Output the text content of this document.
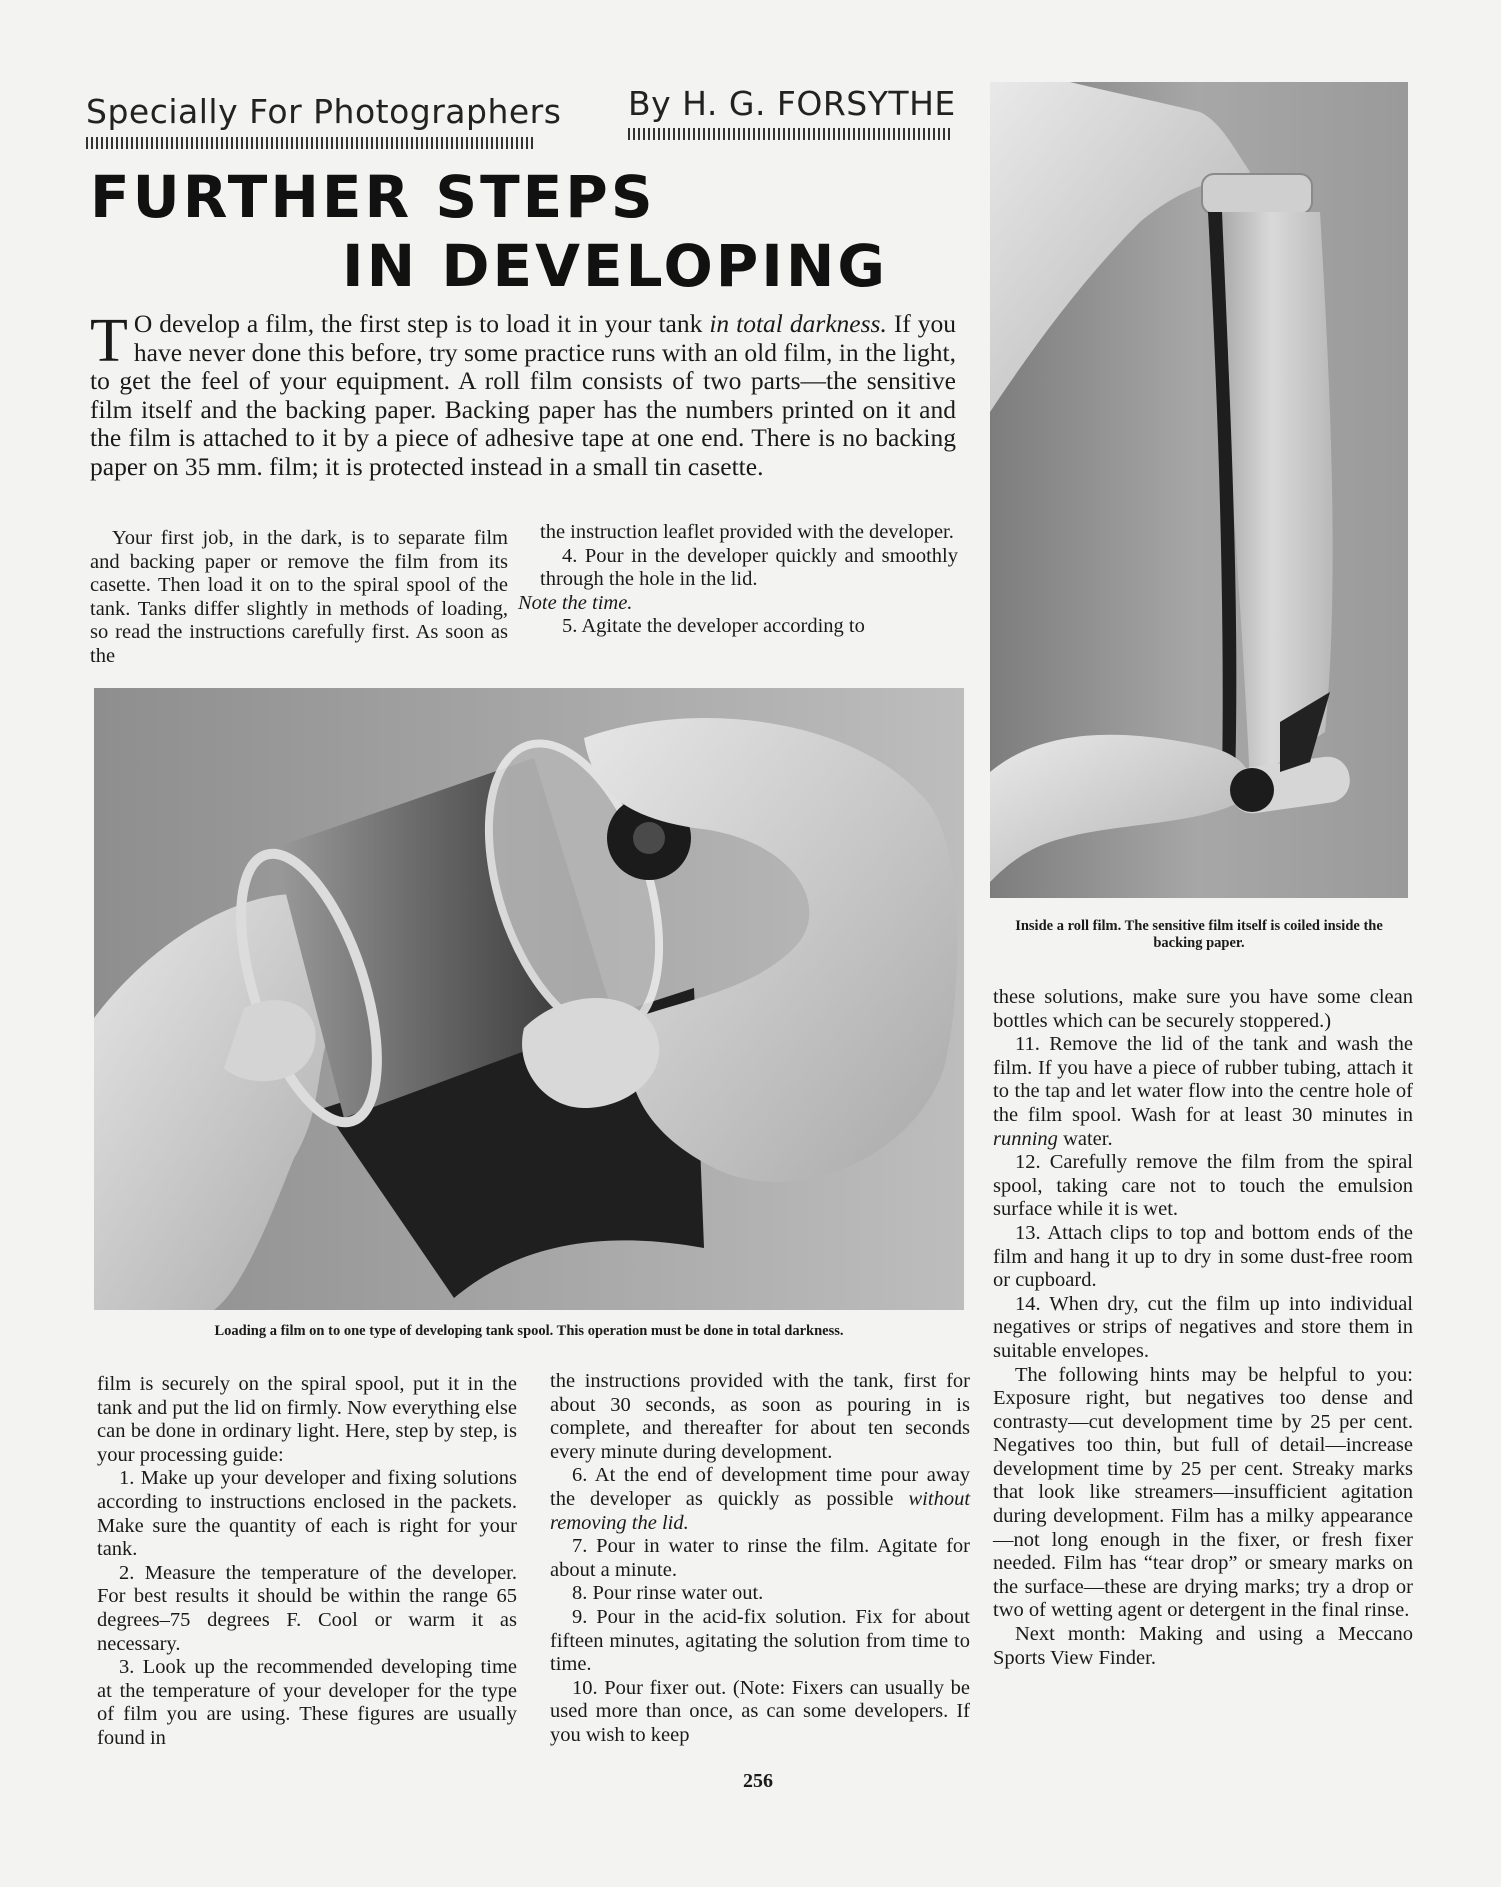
Specially For Photographers By H. G. FORSYTHE
FURTHER STEPS
IN DEVELOPING
T O develop a film, the first step is to load it in your tank in total darkness. If you have never done this before, try some practice runs with an old film, in the light, to get the feel of your equipment. A roll film consists of two parts—the sensitive film itself and the backing paper. Backing paper has the numbers printed on it and the film is attached to it by a piece of adhesive tape at one end. There is no backing paper on 35 mm. film; it is protected instead in a small tin casette.

Your first job, in the dark, is to separate film and backing paper or remove the film from its casette. Then load it on to the spiral spool of the tank. Tanks differ slightly in methods of loading, so read the instructions carefully first. As soon as the

the instruction leaflet provided with the developer.

4. Pour in the developer quickly and smoothly through the hole in the lid.
Note the time.

5. Agitate the developer according to

Loading a film on to one type of developing tank spool. This operation must be done in total darkness.
Inside a roll film. The sensitive film itself is coiled inside the backing paper.

film is securely on the spiral spool, put it in the tank and put the lid on firmly. Now everything else can be done in ordinary light. Here, step by step, is your processing guide:

1. Make up your developer and fixing solutions according to instructions enclosed in the packets. Make sure the quantity of each is right for your tank.

2. Measure the temperature of the developer. For best results it should be within the range 65 degrees–75 degrees F. Cool or warm it as necessary.

3. Look up the recommended developing time at the temperature of your developer for the type of film you are using. These figures are usually found in

the instructions provided with the tank, first for about 30 seconds, as soon as pouring in is complete, and thereafter for about ten seconds every minute during development.

6. At the end of development time pour away the developer as quickly as possible without removing the lid.

7. Pour in water to rinse the film. Agitate for about a minute.

8. Pour rinse water out.

9. Pour in the acid-fix solution. Fix for about fifteen minutes, agitating the solution from time to time.

10. Pour fixer out. (Note: Fixers can usually be used more than once, as can some developers. If you wish to keep

these solutions, make sure you have some clean bottles which can be securely stoppered.)

11. Remove the lid of the tank and wash the film. If you have a piece of rubber tubing, attach it to the tap and let water flow into the centre hole of the film spool. Wash for at least 30 minutes in running water.

12. Carefully remove the film from the spiral spool, taking care not to touch the emulsion surface while it is wet.

13. Attach clips to top and bottom ends of the film and hang it up to dry in some dust-free room or cupboard.

14. When dry, cut the film up into individual negatives or strips of negatives and store them in suitable envelopes.

The following hints may be helpful to you: Exposure right, but negatives too dense and contrasty—cut development time by 25 per cent. Negatives too thin, but full of detail—increase development time by 25 per cent. Streaky marks that look like streamers—insufficient agitation during development. Film has a milky appearance—not long enough in the fixer, or fresh fixer needed. Film has “tear drop” or smeary marks on the surface—these are drying marks; try a drop or two of wetting agent or detergent in the final rinse.

Next month: Making and using a Meccano Sports View Finder.

256
